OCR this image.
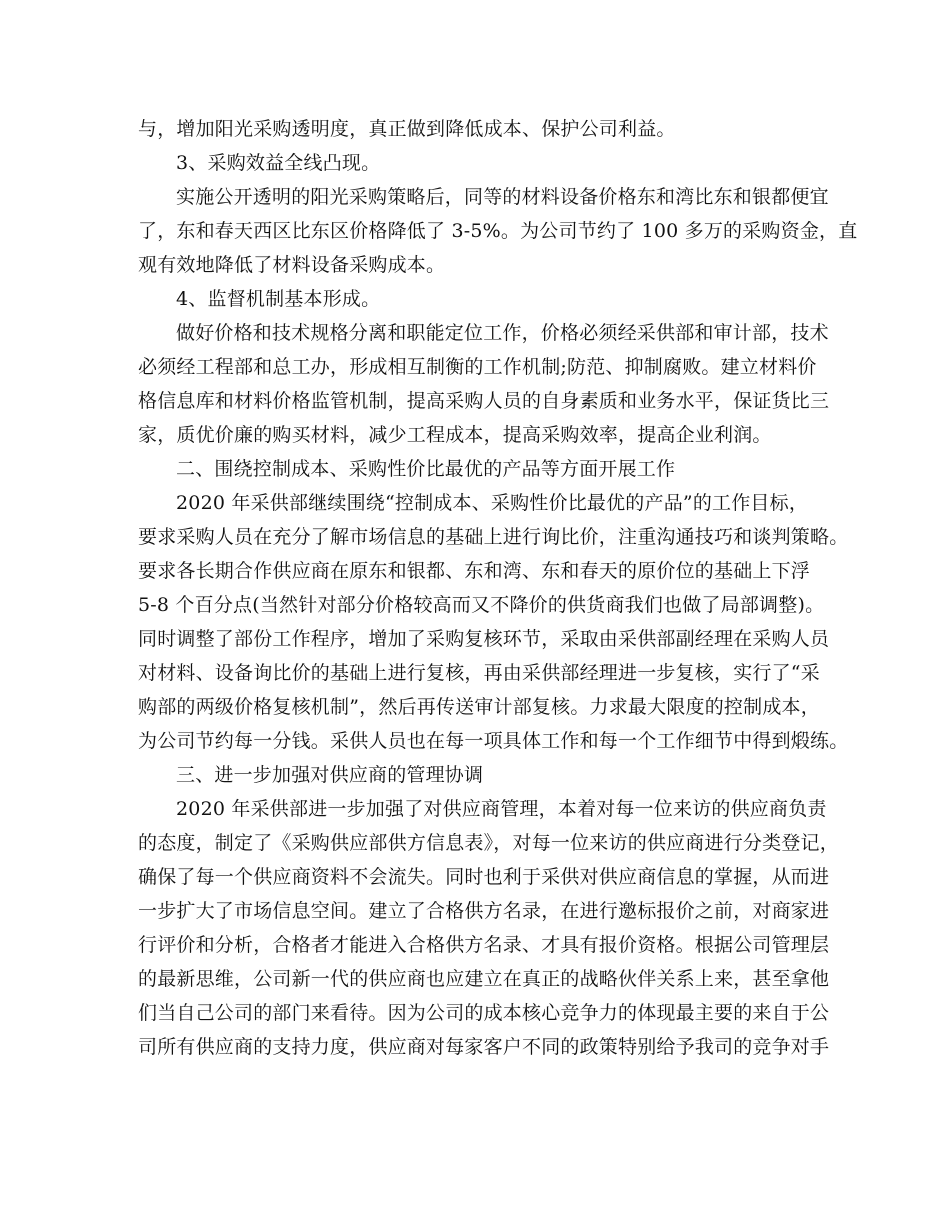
与，增加阳光采购透明度，真正做到降低成本、保护公司利益。
3、采购效益全线凸现。
实施公开透明的阳光采购策略后，同等的材料设备价格东和湾比东和银都便宜
了，东和春天西区比东区价格降低了 3-5%。为公司节约了 100 多万的采购资金，直
观有效地降低了材料设备采购成本。
4、监督机制基本形成。
做好价格和技术规格分离和职能定位工作，价格必须经采供部和审计部，技术
必须经工程部和总工办，形成相互制衡的工作机制;防范、抑制腐败。建立材料价
格信息库和材料价格监管机制，提高采购人员的自身素质和业务水平，保证货比三
家，质优价廉的购买材料，减少工程成本，提高采购效率，提高企业利润。
二、围绕控制成本、采购性价比最优的产品等方面开展工作
2020 年采供部继续围绕“控制成本、采购性价比最优的产品”的工作目标，
要求采购人员在充分了解市场信息的基础上进行询比价，注重沟通技巧和谈判策略。
要求各长期合作供应商在原东和银都、东和湾、东和春天的原价位的基础上下浮
5-8 个百分点(当然针对部分价格较高而又不降价的供货商我们也做了局部调整)。
同时调整了部份工作程序，增加了采购复核环节，采取由采供部副经理在采购人员
对材料、设备询比价的基础上进行复核，再由采供部经理进一步复核，实行了“采
购部的两级价格复核机制”，然后再传送审计部复核。力求最大限度的控制成本，
为公司节约每一分钱。采供人员也在每一项具体工作和每一个工作细节中得到煅练。
三、进一步加强对供应商的管理协调
2020 年采供部进一步加强了对供应商管理，本着对每一位来访的供应商负责
的态度，制定了《采购供应部供方信息表》，对每一位来访的供应商进行分类登记，
确保了每一个供应商资料不会流失。同时也利于采供对供应商信息的掌握，从而进
一步扩大了市场信息空间。建立了合格供方名录，在进行邀标报价之前，对商家进
行评价和分析，合格者才能进入合格供方名录、才具有报价资格。根据公司管理层
的最新思维，公司新一代的供应商也应建立在真正的战略伙伴关系上来，甚至拿他
们当自己公司的部门来看待。因为公司的成本核心竞争力的体现最主要的来自于公
司所有供应商的支持力度，供应商对每家客户不同的政策特别给予我司的竞争对手
